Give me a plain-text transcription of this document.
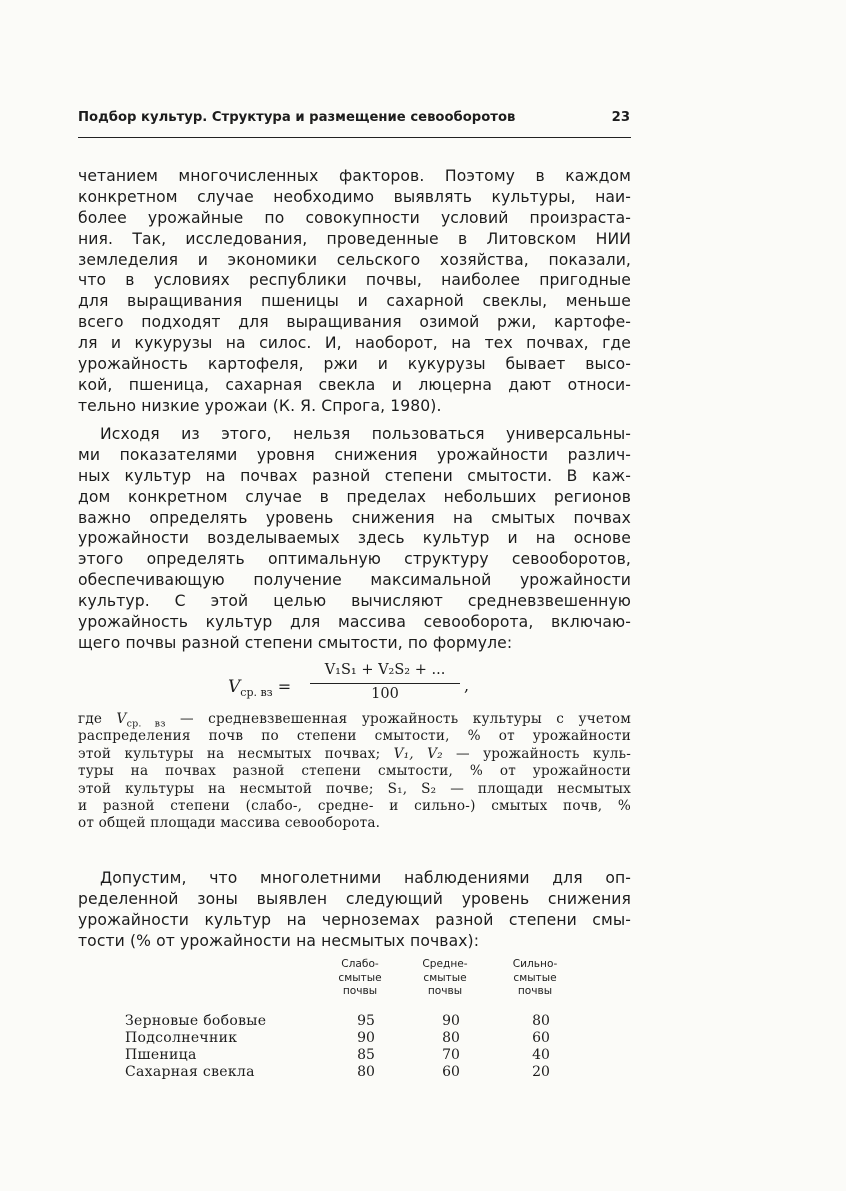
Подбор культур. Структура и размещение севооборотов	23
четанием многочисленных факторов. Поэтому в каждом
конкретном случае необходимо выявлять культуры, наи-
более урожайные по совокупности условий произраста-
ния. Так, исследования, проведенные в Литовском НИИ
земледелия и экономики сельского хозяйства, показали,
что в условиях республики почвы, наиболее пригодные
для выращивания пшеницы и сахарной свеклы, меньше
всего подходят для выращивания озимой ржи, картофе-
ля и кукурузы на силос. И, наоборот, на тех почвах, где
урожайность картофеля, ржи и кукурузы бывает высо-
кой, пшеница, сахарная свекла и люцерна дают относи-
тельно низкие урожаи (К. Я. Спрога, 1980).
Исходя из этого, нельзя пользоваться универсальны-
ми показателями уровня снижения урожайности различ-
ных культур на почвах разной степени смытости. В каж-
дом конкретном случае в пределах небольших регионов
важно определять уровень снижения на смытых почвах
урожайности возделываемых здесь культур и на основе
этого определять оптимальную структуру севооборотов,
обеспечивающую получение максимальной урожайности
культур. С этой целью вычисляют средневзвешенную
урожайность культур для массива севооборота, включаю-
щего почвы разной степени смытости, по формуле:
$V_{ср. вз}$ =
V₁S₁ + V₂S₂ + ...
100	,
где $V_{ср. вз}$ — средневзвешенная урожайность культуры с учетом
распределения почв по степени смытости, % от урожайности
этой культуры на несмытых почвах; V₁, V₂ — урожайность куль-
туры на почвах разной степени смытости, % от урожайности
этой культуры на несмытой почве; S₁, S₂ — площади несмытых
и разной степени (слабо-, средне- и сильно-) смытых почв, %
от общей площади массива севооборота.
Допустим, что многолетними наблюдениями для оп-
ределенной зоны выявлен следующий уровень снижения
урожайности культур на черноземах разной степени смы-
тости (% от урожайности на несмытых почвах):
Слабо-
смытые
почвы
Средне-
смытые
почвы
Сильно-
смытые
почвы
Зерновые бобовые	95	90	80
Подсолнечник	90	80	60
Пшеница	85	70	40
Сахарная свекла	80	60	20
